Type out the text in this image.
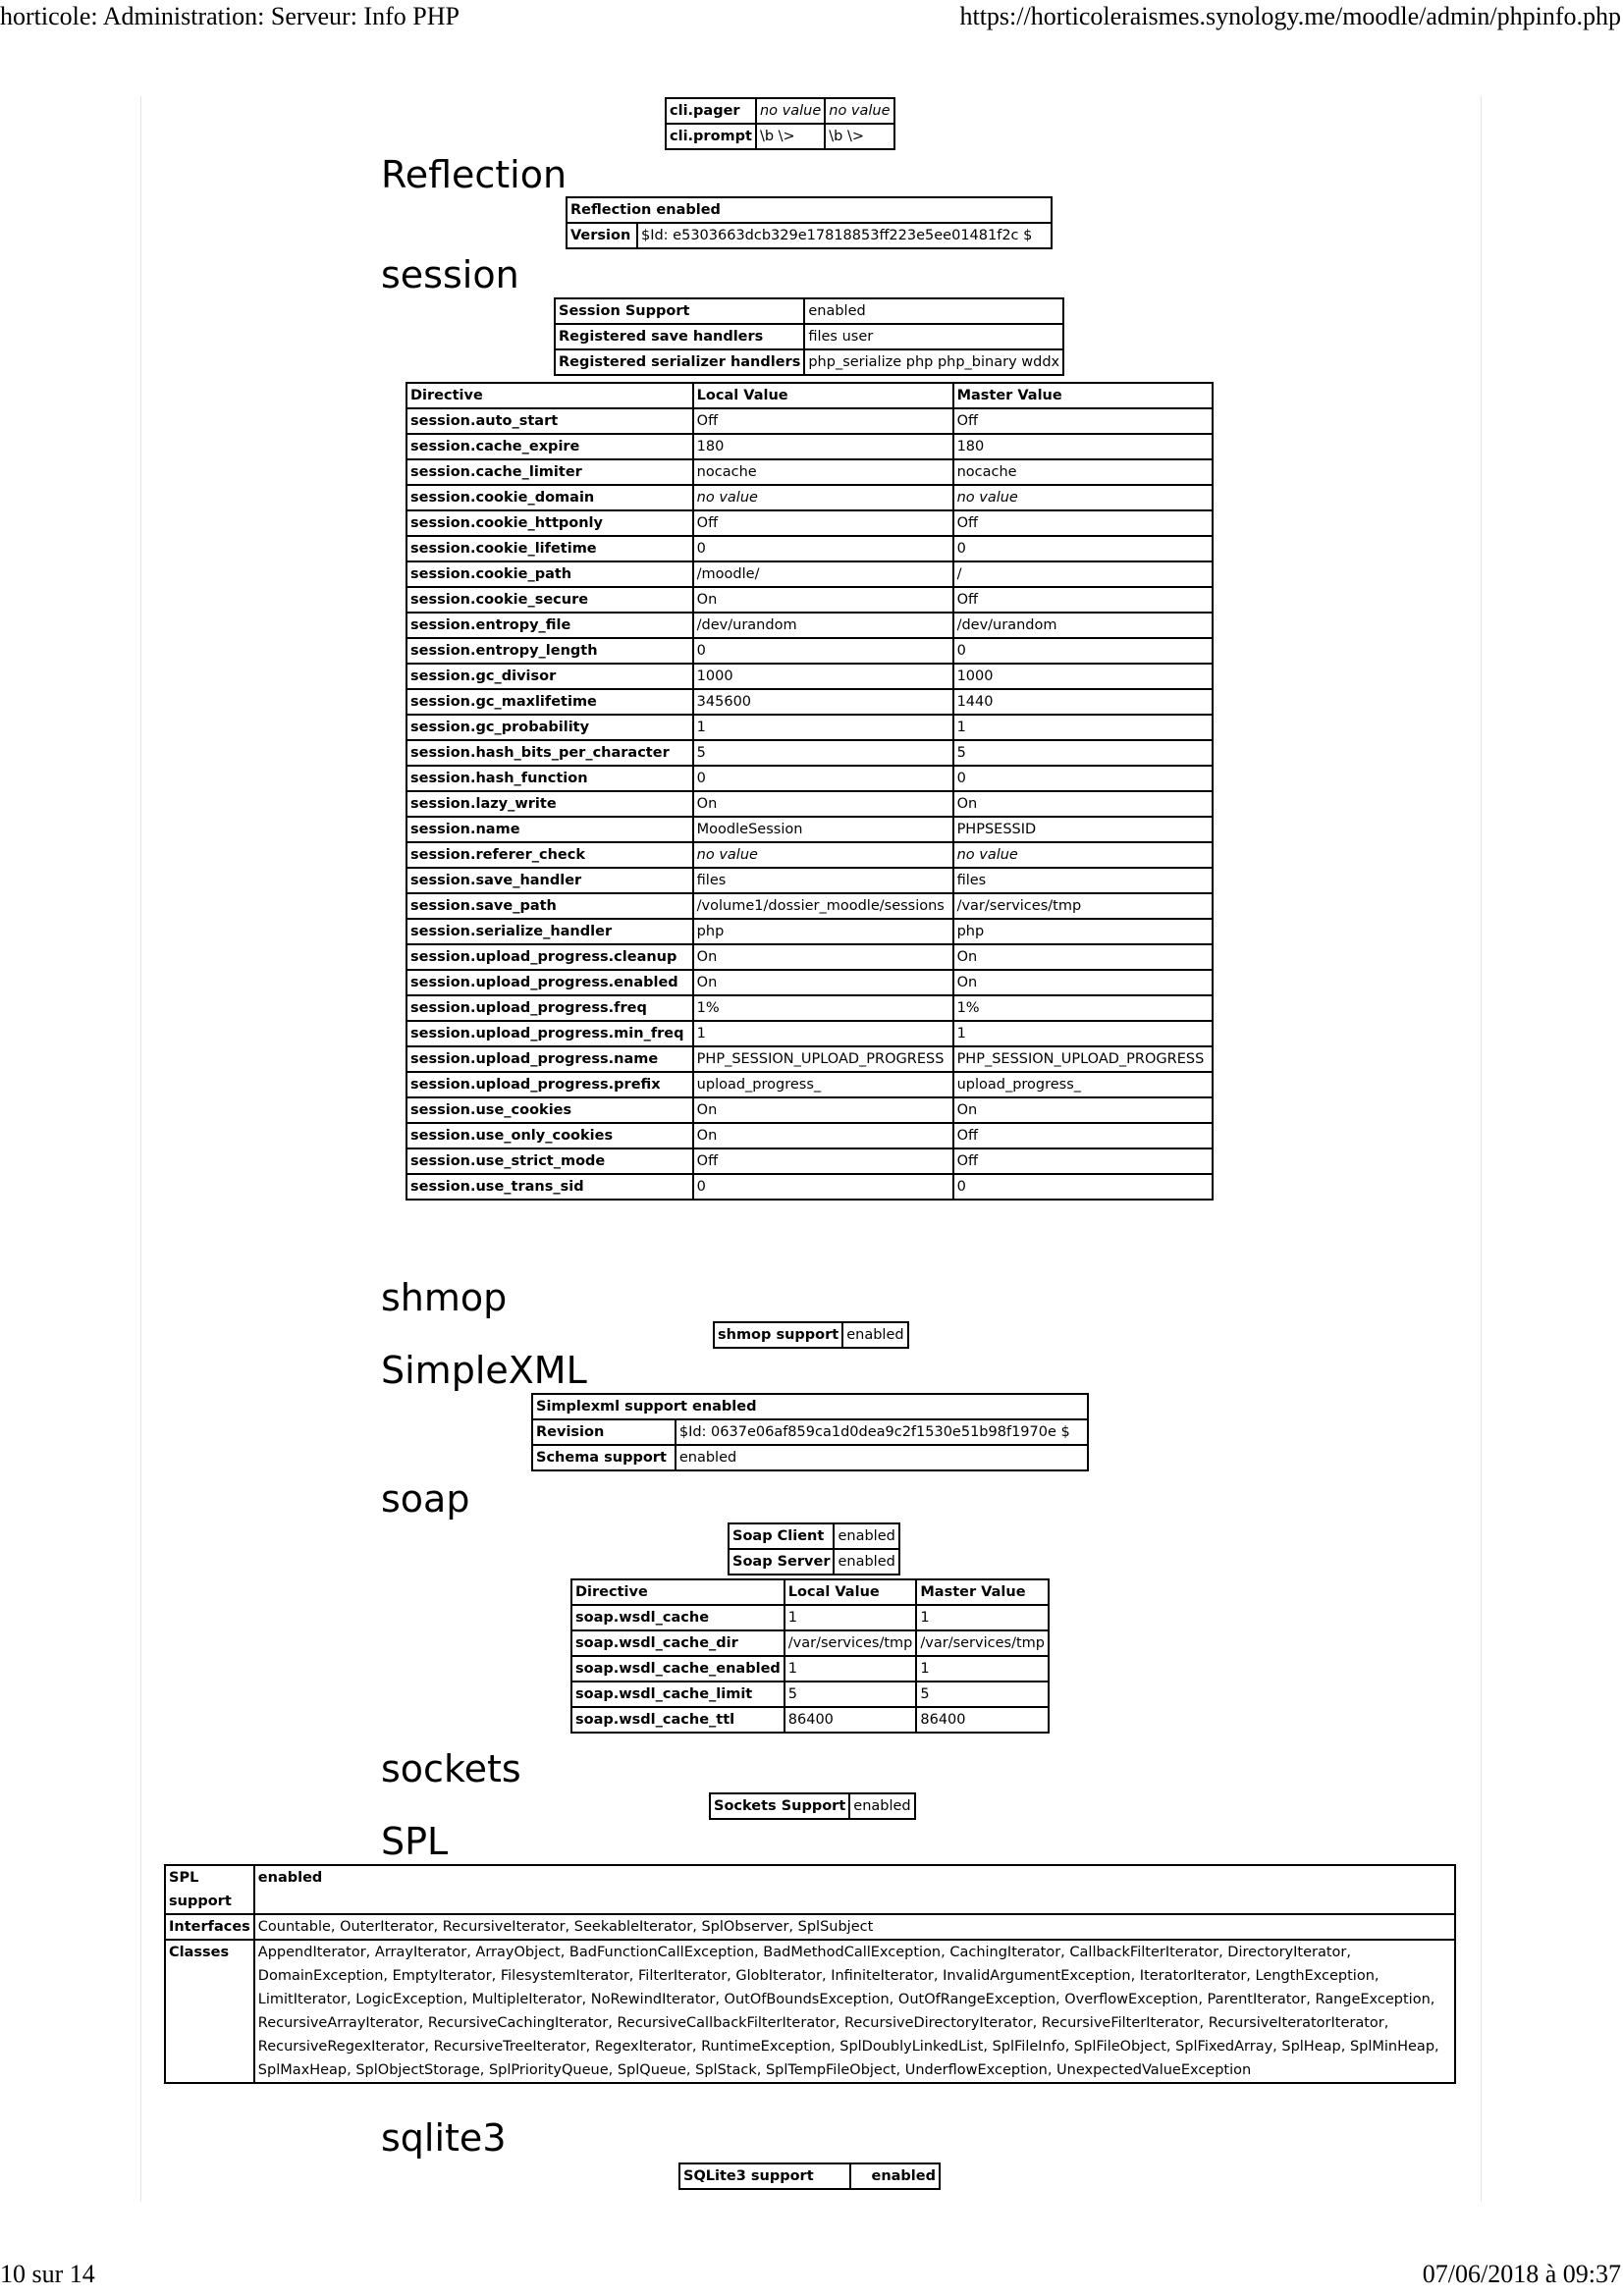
horticole: Administration: Serveur: Info PHP	https://horticoleraismes.synology.me/moodle/admin/phpinfo.php
cli.pager	no value	no value
cli.prompt	\b \>	\b \>
Reflection
Reflection enabled
Version	$Id: e5303663dcb329e17818853ff223e5ee01481f2c $
session
Session Support	enabled
Registered save handlers	files user
Registered serializer handlers	php_serialize php php_binary wddx
Directive	Local Value	Master Value
session.auto_start	Off	Off
session.cache_expire	180	180
session.cache_limiter	nocache	nocache
session.cookie_domain	no value	no value
session.cookie_httponly	Off	Off
session.cookie_lifetime	0	0
session.cookie_path	/moodle/	/
session.cookie_secure	On	Off
session.entropy_file	/dev/urandom	/dev/urandom
session.entropy_length	0	0
session.gc_divisor	1000	1000
session.gc_maxlifetime	345600	1440
session.gc_probability	1	1
session.hash_bits_per_character	5	5
session.hash_function	0	0
session.lazy_write	On	On
session.name	MoodleSession	PHPSESSID
session.referer_check	no value	no value
session.save_handler	files	files
session.save_path	/volume1/dossier_moodle/sessions	/var/services/tmp
session.serialize_handler	php	php
session.upload_progress.cleanup	On	On
session.upload_progress.enabled	On	On
session.upload_progress.freq	1%	1%
session.upload_progress.min_freq	1	1
session.upload_progress.name	PHP_SESSION_UPLOAD_PROGRESS	PHP_SESSION_UPLOAD_PROGRESS
session.upload_progress.prefix	upload_progress_	upload_progress_
session.use_cookies	On	On
session.use_only_cookies	On	Off
session.use_strict_mode	Off	Off
session.use_trans_sid	0	0
shmop
shmop support	enabled
SimpleXML
Simplexml support enabled	
Revision	$Id: 0637e06af859ca1d0dea9c2f1530e51b98f1970e $
Schema support	enabled
soap
Soap Client	enabled
Soap Server	enabled
Directive	Local Value	Master Value
soap.wsdl_cache	1	1
soap.wsdl_cache_dir	/var/services/tmp	/var/services/tmp
soap.wsdl_cache_enabled	1	1
soap.wsdl_cache_limit	5	5
soap.wsdl_cache_ttl	86400	86400
sockets
Sockets Support	enabled
SPL
SPL support	enabled
Interfaces	Countable, OuterIterator, RecursiveIterator, SeekableIterator, SplObserver, SplSubject
Classes	AppendIterator, ArrayIterator, ArrayObject, BadFunctionCallException, BadMethodCallException, CachingIterator, CallbackFilterIterator, DirectoryIterator, DomainException, EmptyIterator, FilesystemIterator, FilterIterator, GlobIterator, InfiniteIterator, InvalidArgumentException, IteratorIterator, LengthException, LimitIterator, LogicException, MultipleIterator, NoRewindIterator, OutOfBoundsException, OutOfRangeException, OverflowException, ParentIterator, RangeException, RecursiveArrayIterator, RecursiveCachingIterator, RecursiveCallbackFilterIterator, RecursiveDirectoryIterator, RecursiveFilterIterator, RecursiveIteratorIterator, RecursiveRegexIterator, RecursiveTreeIterator, RegexIterator, RuntimeException, SplDoublyLinkedList, SplFileInfo, SplFileObject, SplFixedArray, SplHeap, SplMinHeap, SplMaxHeap, SplObjectStorage, SplPriorityQueue, SplQueue, SplStack, SplTempFileObject, UnderflowException, UnexpectedValueException
sqlite3
SQLite3 support	enabled
10 sur 14	07/06/2018 à 09:37
